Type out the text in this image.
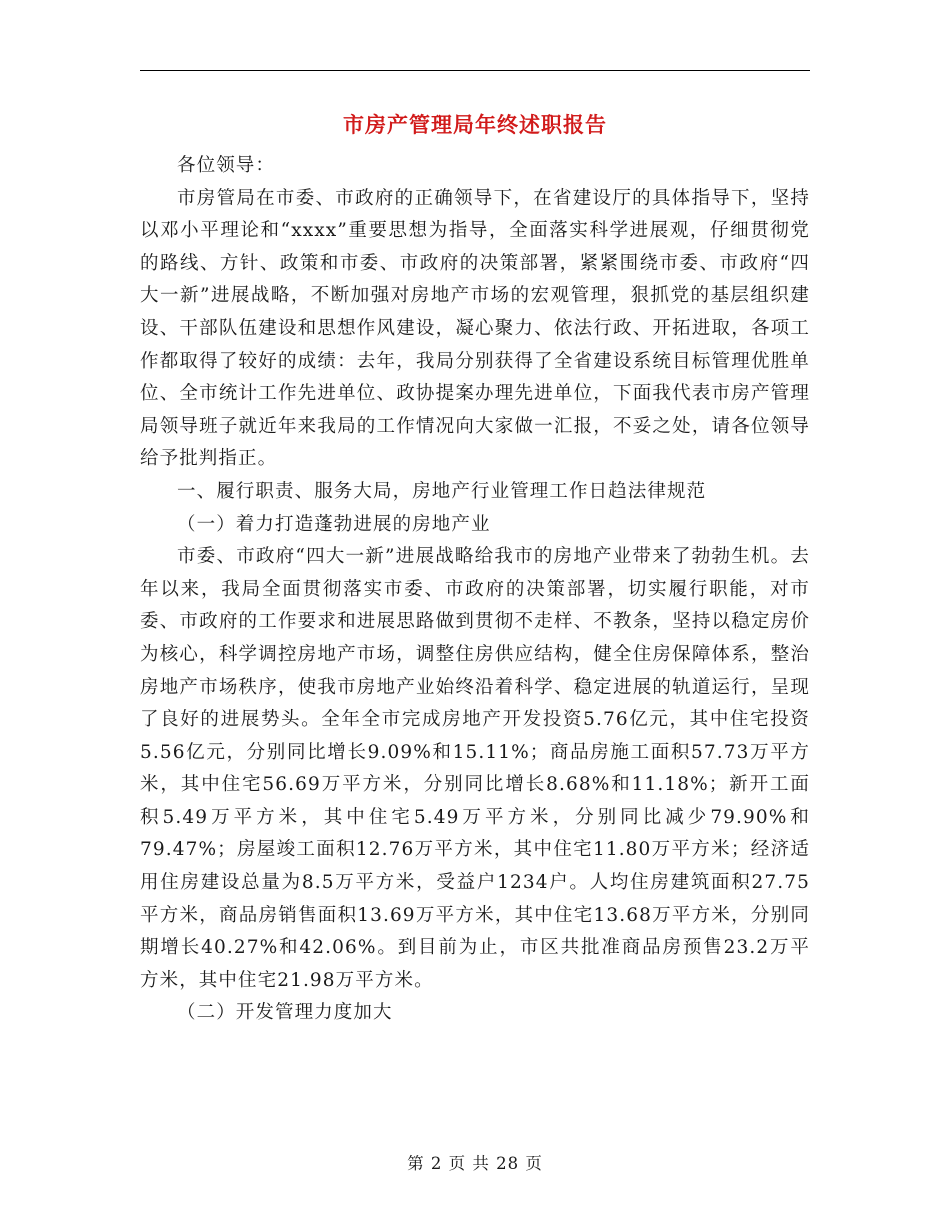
市房产管理局年终述职报告

各位领导：

市房管局在市委、市政府的正确领导下，在省建设厅的具体指导下，坚持以邓小平理论和“xxxx”重要思想为指导，全面落实科学进展观，仔细贯彻党的路线、方针、政策和市委、市政府的决策部署，紧紧围绕市委、市政府“四大一新”进展战略，不断加强对房地产市场的宏观管理，狠抓党的基层组织建设、干部队伍建设和思想作风建设，凝心聚力、依法行政、开拓进取，各项工作都取得了较好的成绩：去年，我局分别获得了全省建设系统目标管理优胜单位、全市统计工作先进单位、政协提案办理先进单位，下面我代表市房产管理局领导班子就近年来我局的工作情况向大家做一汇报，不妥之处，请各位领导给予批判指正。

一、履行职责、服务大局，房地产行业管理工作日趋法律规范

（一）着力打造蓬勃进展的房地产业

市委、市政府“四大一新”进展战略给我市的房地产业带来了勃勃生机。去年以来，我局全面贯彻落实市委、市政府的决策部署，切实履行职能，对市委、市政府的工作要求和进展思路做到贯彻不走样、不教条，坚持以稳定房价为核心，科学调控房地产市场，调整住房供应结构，健全住房保障体系，整治房地产市场秩序，使我市房地产业始终沿着科学、稳定进展的轨道运行，呈现了良好的进展势头。全年全市完成房地产开发投资5.76亿元，其中住宅投资5.56亿元，分别同比增长9.09%和15.11%；商品房施工面积57.73万平方米，其中住宅56.69万平方米，分别同比增长8.68%和11.18%；新开工面积5.49万平方米，其中住宅5.49万平方米，分别同比减少79.90%和79.47%；房屋竣工面积12.76万平方米，其中住宅11.80万平方米；经济适用住房建设总量为8.5万平方米，受益户1234户。人均住房建筑面积27.75平方米，商品房销售面积13.69万平方米，其中住宅13.68万平方米，分别同期增长40.27%和42.06%。到目前为止，市区共批准商品房预售23.2万平方米，其中住宅21.98万平方米。

（二）开发管理力度加大

第 2 页 共 28 页
